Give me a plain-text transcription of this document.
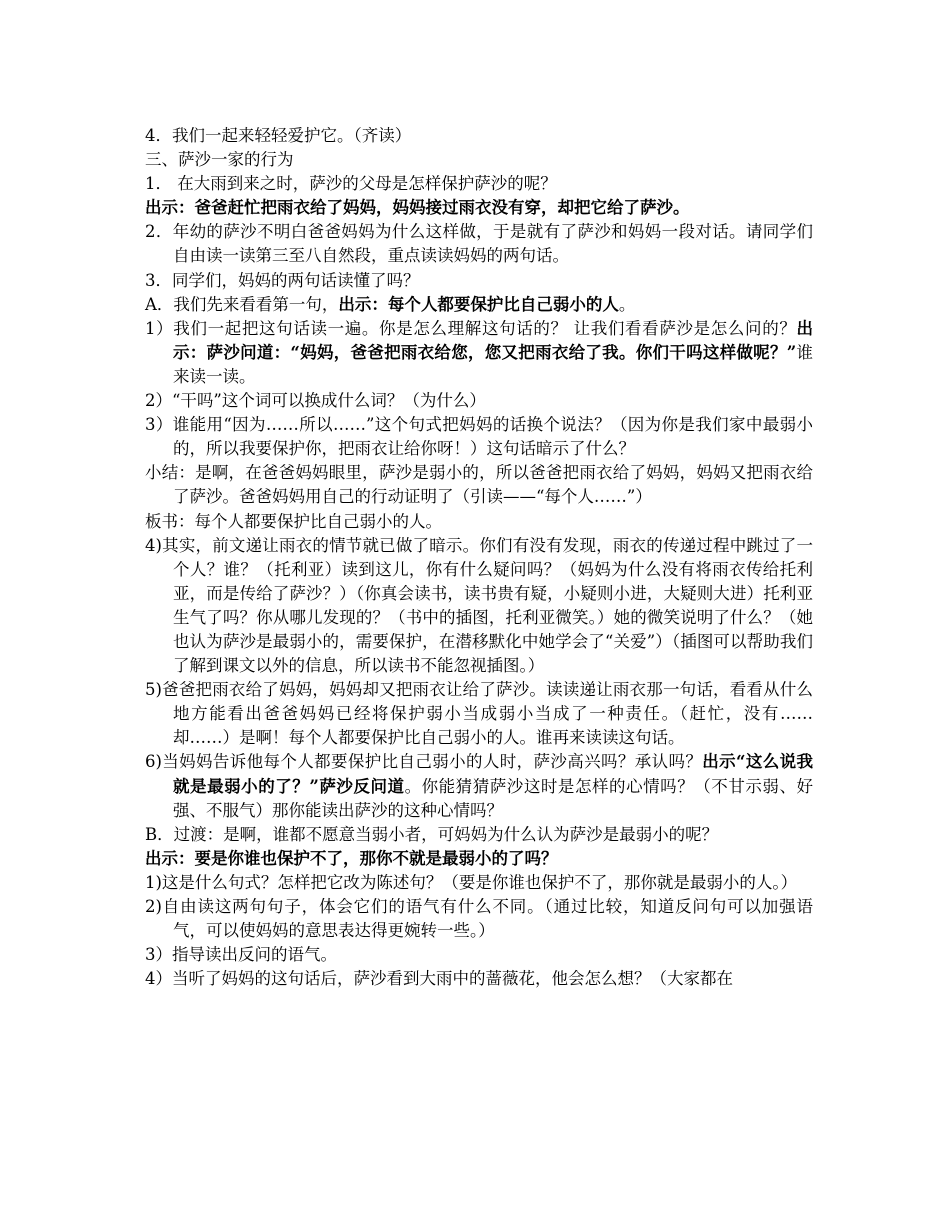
4．我们一起来轻轻爱护它。（齐读）

三、萨沙一家的行为

1． 在大雨到来之时，萨沙的父母是怎样保护萨沙的呢？

出示：爸爸赶忙把雨衣给了妈妈，妈妈接过雨衣没有穿，却把它给了萨沙。

2．年幼的萨沙不明白爸爸妈妈为什么这样做，于是就有了萨沙和妈妈一段对话。请同学们自由读一读第三至八自然段，重点读读妈妈的两句话。

3．同学们，妈妈的两句话读懂了吗？

A．我们先来看看第一句，出示：每个人都要保护比自己弱小的人。

1）我们一起把这句话读一遍。你是怎么理解这句话的？ 让我们看看萨沙是怎么问的？出示：萨沙问道：“妈妈，爸爸把雨衣给您，您又把雨衣给了我。你们干吗这样做呢？”谁来读一读。

2）“干吗”这个词可以换成什么词？（为什么）

3）谁能用“因为……所以……”这个句式把妈妈的话换个说法？（因为你是我们家中最弱小的，所以我要保护你，把雨衣让给你呀！）这句话暗示了什么？

小结：是啊，在爸爸妈妈眼里，萨沙是弱小的，所以爸爸把雨衣给了妈妈，妈妈又把雨衣给了萨沙。爸爸妈妈用自己的行动证明了（引读——“每个人……”）

板书：每个人都要保护比自己弱小的人。

4)其实，前文递让雨衣的情节就已做了暗示。你们有没有发现，雨衣的传递过程中跳过了一个人？谁？（托利亚）读到这儿，你有什么疑问吗？（妈妈为什么没有将雨衣传给托利亚，而是传给了萨沙？）（你真会读书，读书贵有疑，小疑则小进，大疑则大进）托利亚生气了吗？你从哪儿发现的？（书中的插图，托利亚微笑。）她的微笑说明了什么？（她也认为萨沙是最弱小的，需要保护，在潜移默化中她学会了“关爱”）（插图可以帮助我们了解到课文以外的信息，所以读书不能忽视插图。）

5)爸爸把雨衣给了妈妈，妈妈却又把雨衣让给了萨沙。读读递让雨衣那一句话，看看从什么地方能看出爸爸妈妈已经将保护弱小当成弱小当成了一种责任。（赶忙，没有……却……）是啊！每个人都要保护比自己弱小的人。谁再来读读这句话。

6)当妈妈告诉他每个人都要保护比自己弱小的人时，萨沙高兴吗？承认吗？出示“这么说我就是最弱小的了？”萨沙反问道。你能猜猜萨沙这时是怎样的心情吗？（不甘示弱、好强、不服气）那你能读出萨沙的这种心情吗？

B．过渡：是啊，谁都不愿意当弱小者，可妈妈为什么认为萨沙是最弱小的呢？

出示：要是你谁也保护不了，那你不就是最弱小的了吗？

1)这是什么句式？怎样把它改为陈述句？（要是你谁也保护不了，那你就是最弱小的人。）

2)自由读这两句句子，体会它们的语气有什么不同。（通过比较，知道反问句可以加强语气，可以使妈妈的意思表达得更婉转一些。）

3）指导读出反问的语气。

4）当听了妈妈的这句话后，萨沙看到大雨中的蔷薇花，他会怎么想？（大家都在
